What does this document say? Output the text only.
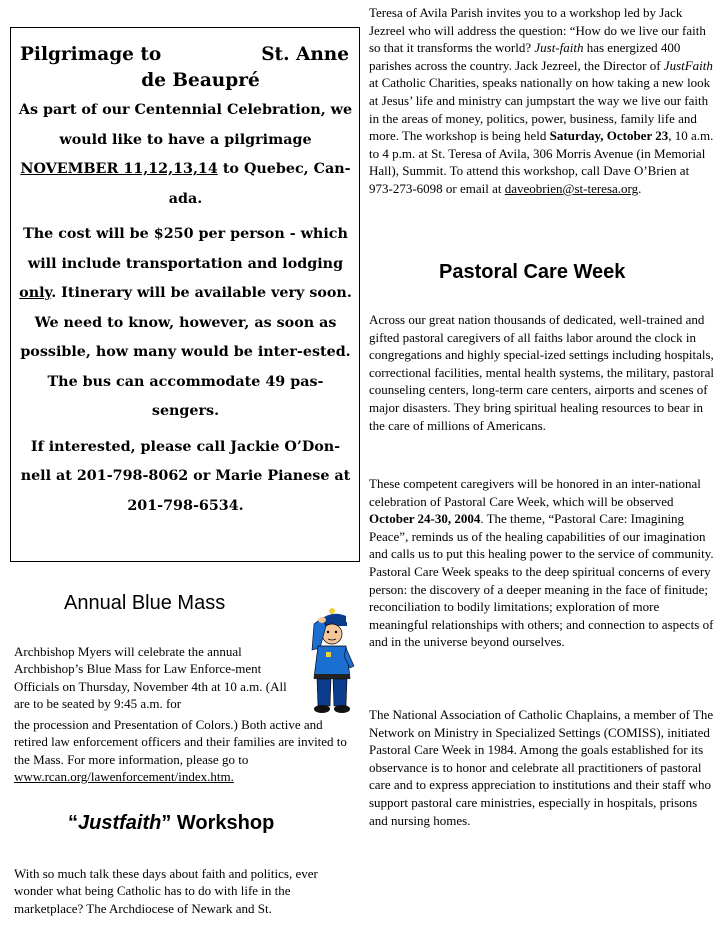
Pilgrimage to	St. Anne
de Beaupré

As part of our Centennial Celebration, we would like to have a pilgrimage NOVEMBER 11,12,13,14 to Quebec, Can-ada.

The cost will be $250 per person - which will include transportation and lodging only. Itinerary will be available very soon. We need to know, however, as soon as possible, how many would be inter-ested. The bus can accommodate 49 pas-sengers.

If interested, please call Jackie O’Don-nell at 201-798-8062 or Marie Pianese at 201-798-6534.

Annual Blue Mass

Archbishop Myers will celebrate the annual Archbishop’s Blue Mass for Law Enforce-ment Officials on Thursday, November 4th at 10 a.m. (All are to be seated by 9:45 a.m. for

the procession and Presentation of Colors.) Both active and retired law enforcement officers and their families are invited to the Mass. For more information, please go to www.rcan.org/lawenforcement/index.htm.

“Justfaith” Workshop

With so much talk these days about faith and politics, ever wonder what being Catholic has to do with life in the marketplace? The Archdiocese of Newark and St.

Teresa of Avila Parish invites you to a workshop led by Jack Jezreel who will address the question: “How do we live our faith so that it transforms the world? Just-faith has energized 400 parishes across the country. Jack Jezreel, the Director of JustFaith at Catholic Charities, speaks nationally on how taking a new look at Jesus’ life and ministry can jumpstart the way we live our faith in the areas of money, politics, power, business, family life and more. The workshop is being held Saturday, October 23, 10 a.m. to 4 p.m. at St. Teresa of Avila, 306 Morris Avenue (in Memorial Hall), Summit. To attend this workshop, call Dave O’Brien at 973-273-6098 or email at daveobrien@st-teresa.org.

Pastoral Care Week

Across our great nation thousands of dedicated, well-trained and gifted pastoral caregivers of all faiths labor around the clock in congregations and highly special-ized settings including hospitals, correctional facilities, mental health systems, the military, pastoral counseling centers, long-term care centers, airports and scenes of major disasters. They bring spiritual healing resources to bear in the care of millions of Americans.

These competent caregivers will be honored in an inter-national celebration of Pastoral Care Week, which will be observed October 24-30, 2004. The theme, “Pastoral Care: Imagining Peace”, reminds us of the healing capabilities of our imagination and calls us to put this healing power to the service of community. Pastoral Care Week speaks to the deep spiritual concerns of every person: the discovery of a deeper meaning in the face of finitude; reconciliation to bodily limitations; exploration of more meaningful relationships with others; and connection to aspects of and in the universe beyond ourselves.

The National Association of Catholic Chaplains, a member of The Network on Ministry in Specialized Settings (COMISS), initiated Pastoral Care Week in 1984. Among the goals established for its observance is to honor and celebrate all practitioners of pastoral care and to express appreciation to institutions and their staff who support pastoral care ministries, especially in hospitals, prisons and nursing homes.
